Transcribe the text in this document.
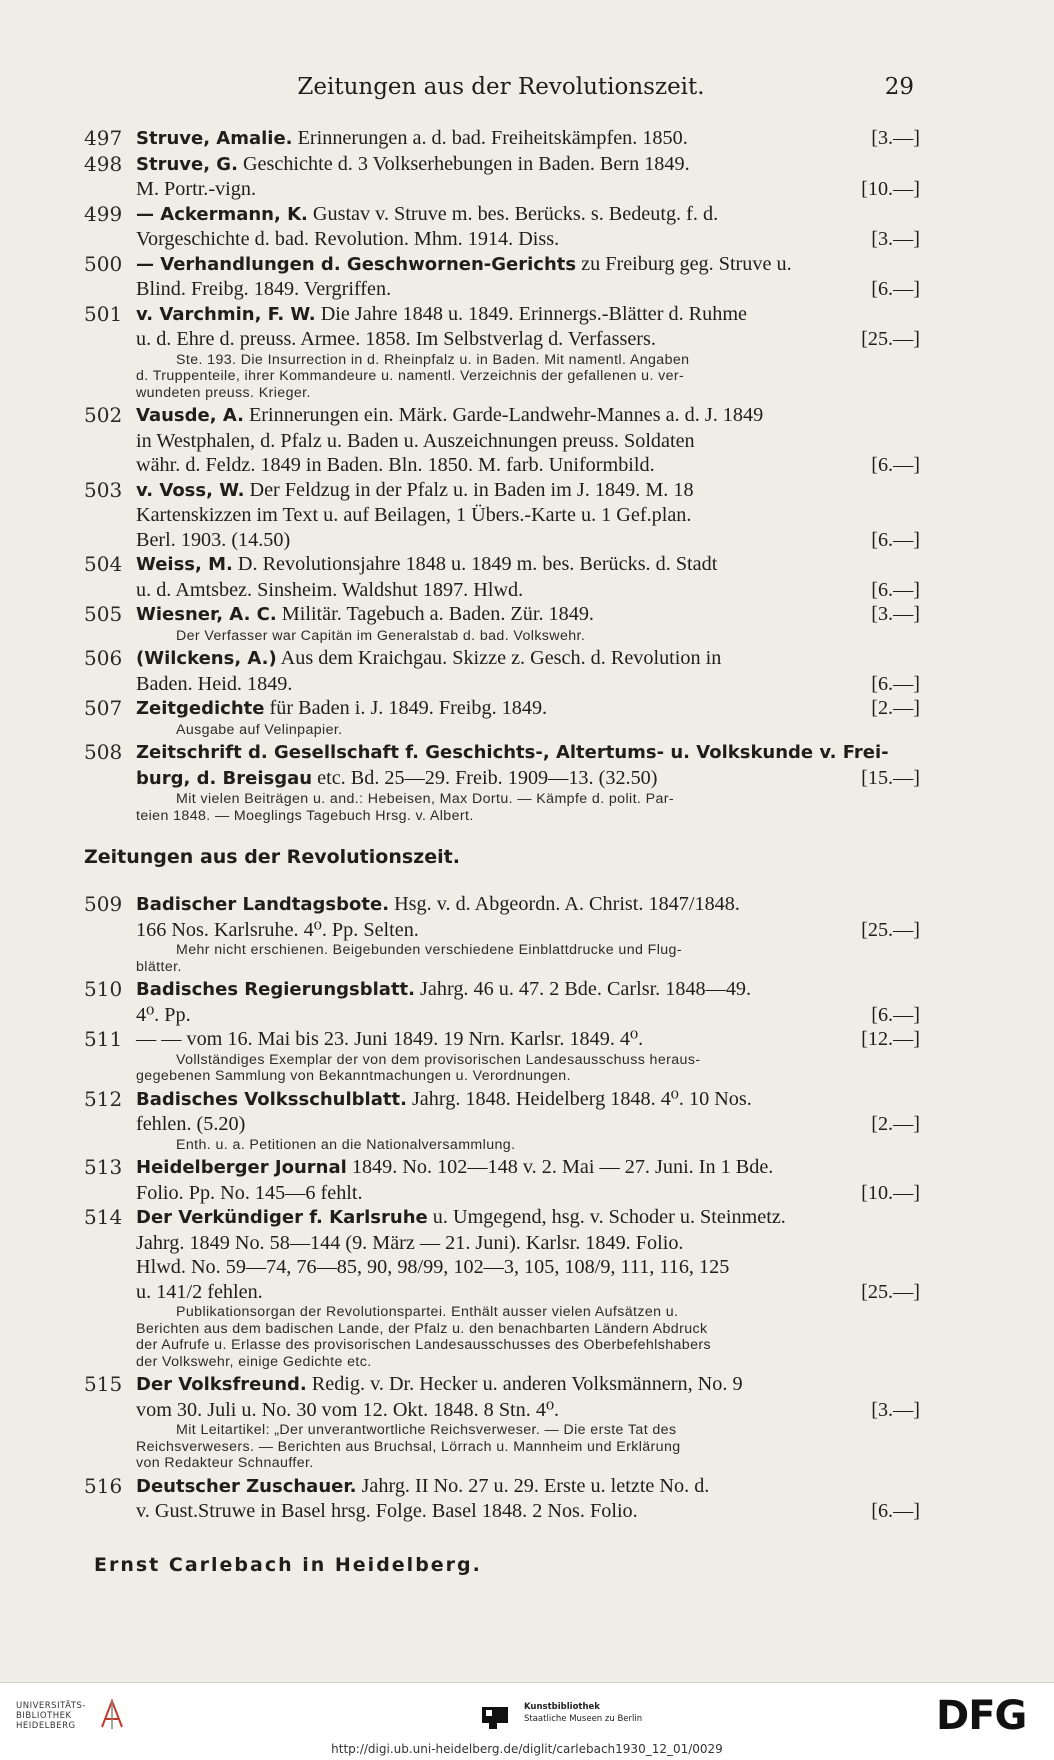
Zeitungen aus der Revolutionszeit.	29
497 Struve, Amalie. Erinnerungen a. d. bad. Freiheitskämpfen. 1850.	[3.—]
498 Struve, G. Geschichte d. 3 Volkserhebungen in Baden. Bern 1849.
M. Portr.-vign.	[10.—]
499 — Ackermann, K. Gustav v. Struve m. bes. Berücks. s. Bedeutg. f. d.
Vorgeschichte d. bad. Revolution. Mhm. 1914. Diss.	[3.—]
500 — Verhandlungen d. Geschwornen-Gerichts zu Freiburg geg. Struve u.
Blind. Freibg. 1849. Vergriffen.	[6.—]
501 v. Varchmin, F. W. Die Jahre 1848 u. 1849. Erinnergs.-Blätter d. Ruhme
u. d. Ehre d. preuss. Armee. 1858. Im Selbstverlag d. Verfassers.	[25.—]
Ste. 193. Die Insurrection in d. Rheinpfalz u. in Baden. Mit namentl. Angaben
d. Truppenteile, ihrer Kommandeure u. namentl. Verzeichnis der gefallenen u. ver-
wundeten preuss. Krieger.
502 Vausde, A. Erinnerungen ein. Märk. Garde-Landwehr-Mannes a. d. J. 1849
in Westphalen, d. Pfalz u. Baden u. Auszeichnungen preuss. Soldaten
währ. d. Feldz. 1849 in Baden. Bln. 1850. M. farb. Uniformbild.	[6.—]
503 v. Voss, W. Der Feldzug in der Pfalz u. in Baden im J. 1849. M. 18
Kartenskizzen im Text u. auf Beilagen, 1 Übers.-Karte u. 1 Gef.plan.
Berl. 1903. (14.50)	[6.—]
504 Weiss, M. D. Revolutionsjahre 1848 u. 1849 m. bes. Berücks. d. Stadt
u. d. Amtsbez. Sinsheim. Waldshut 1897. Hlwd.	[6.—]
505 Wiesner, A. C. Militär. Tagebuch a. Baden. Zür. 1849.	[3.—]
Der Verfasser war Capitän im Generalstab d. bad. Volkswehr.
506 (Wilckens, A.) Aus dem Kraichgau. Skizze z. Gesch. d. Revolution in
Baden. Heid. 1849.	[6.—]
507 Zeitgedichte für Baden i. J. 1849. Freibg. 1849.	[2.—]
Ausgabe auf Velinpapier.
508 Zeitschrift d. Gesellschaft f. Geschichts-, Altertums- u. Volkskunde v. Frei-
burg, d. Breisgau etc. Bd. 25—29. Freib. 1909—13. (32.50)	[15.—]
Mit vielen Beiträgen u. and.: Hebeisen, Max Dortu. — Kämpfe d. polit. Par-
teien 1848. — Moeglings Tagebuch Hrsg. v. Albert.
Zeitungen aus der Revolutionszeit.
509 Badischer Landtagsbote. Hsg. v. d. Abgeordn. A. Christ. 1847/1848.
166 Nos. Karlsruhe. 4⁰. Pp. Selten.	[25.—]
Mehr nicht erschienen. Beigebunden verschiedene Einblattdrucke und Flug-
blätter.
510 Badisches Regierungsblatt. Jahrg. 46 u. 47. 2 Bde. Carlsr. 1848—49.
4⁰. Pp.	[6.—]
511 — — vom 16. Mai bis 23. Juni 1849. 19 Nrn. Karlsr. 1849. 4⁰.	[12.—]
Vollständiges Exemplar der von dem provisorischen Landesausschuss heraus-
gegebenen Sammlung von Bekanntmachungen u. Verordnungen.
512 Badisches Volksschulblatt. Jahrg. 1848. Heidelberg 1848. 4⁰. 10 Nos.
fehlen. (5.20)	[2.—]
Enth. u. a. Petitionen an die Nationalversammlung.
513 Heidelberger Journal 1849. No. 102—148 v. 2. Mai — 27. Juni. In 1 Bde.
Folio. Pp. No. 145—6 fehlt.	[10.—]
514 Der Verkündiger f. Karlsruhe u. Umgegend, hsg. v. Schoder u. Steinmetz.
Jahrg. 1849 No. 58—144 (9. März — 21. Juni). Karlsr. 1849. Folio.
Hlwd. No. 59—74, 76—85, 90, 98/99, 102—3, 105, 108/9, 111, 116, 125
u. 141/2 fehlen.	[25.—]
Publikationsorgan der Revolutionspartei. Enthält ausser vielen Aufsätzen u.
Berichten aus dem badischen Lande, der Pfalz u. den benachbarten Ländern Abdruck
der Aufrufe u. Erlasse des provisorischen Landesausschusses des Oberbefehlshabers
der Volkswehr, einige Gedichte etc.
515 Der Volksfreund. Redig. v. Dr. Hecker u. anderen Volksmännern, No. 9
vom 30. Juli u. No. 30 vom 12. Okt. 1848. 8 Stn. 4⁰.	[3.—]
Mit Leitartikel: „Der unverantwortliche Reichsverweser. — Die erste Tat des
Reichsverwesers. — Berichten aus Bruchsal, Lörrach u. Mannheim und Erklärung
von Redakteur Schnauffer.
516 Deutscher Zuschauer. Jahrg. II No. 27 u. 29. Erste u. letzte No. d.
v. Gust.Struwe in Basel hrsg. Folge. Basel 1848. 2 Nos. Folio.	[6.—]
Ernst Carlebach in Heidelberg.
UNIVERSITÄTS-
BIBLIOTHEK
HEIDELBERG
Kunstbibliothek
Staatliche Museen zu Berlin	DFG
http://digi.ub.uni-heidelberg.de/diglit/carlebach1930_12_01/0029
